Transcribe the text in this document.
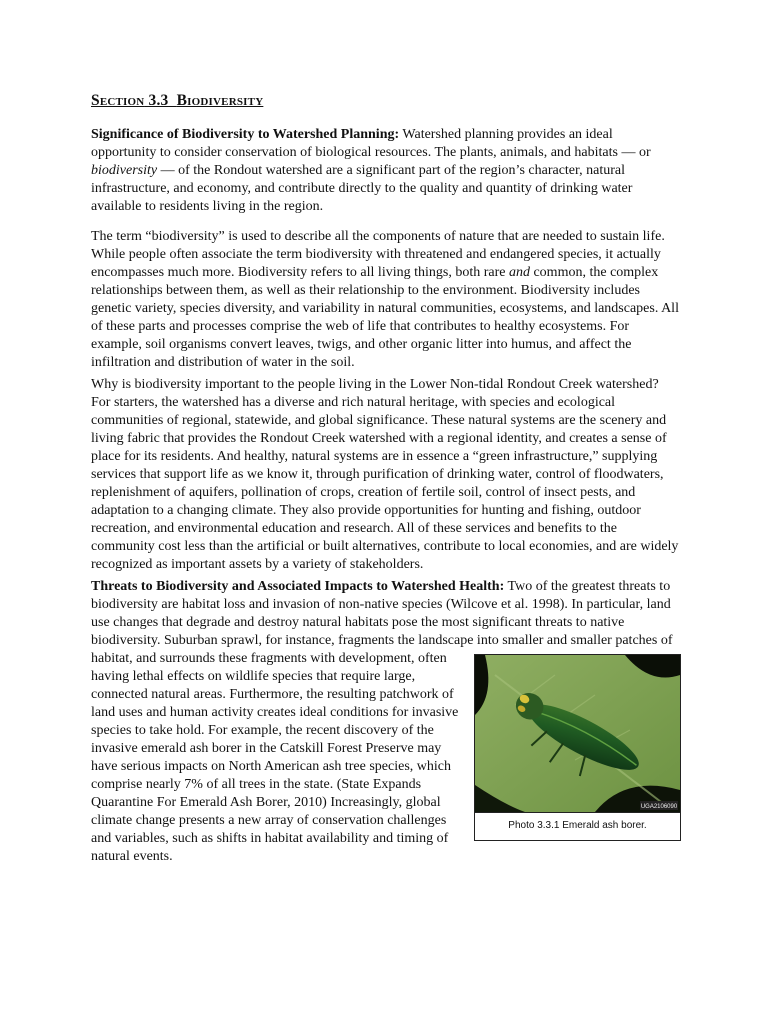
Section 3.3 Biodiversity

Significance of Biodiversity to Watershed Planning: Watershed planning provides an ideal opportunity to consider conservation of biological resources. The plants, animals, and habitats — or biodiversity — of the Rondout watershed are a significant part of the region’s character, natural infrastructure, and economy, and contribute directly to the quality and quantity of drinking water available to residents living in the region.

The term “biodiversity” is used to describe all the components of nature that are needed to sustain life. While people often associate the term biodiversity with threatened and endangered species, it actually encompasses much more. Biodiversity refers to all living things, both rare and common, the complex relationships between them, as well as their relationship to the environment. Biodiversity includes genetic variety, species diversity, and variability in natural communities, ecosystems, and landscapes. All of these parts and processes comprise the web of life that contributes to healthy ecosystems. For example, soil organisms convert leaves, twigs, and other organic litter into humus, and affect the infiltration and distribution of water in the soil.

Why is biodiversity important to the people living in the Lower Non-tidal Rondout Creek watershed? For starters, the watershed has a diverse and rich natural heritage, with species and ecological communities of regional, statewide, and global significance. These natural systems are the scenery and living fabric that provides the Rondout Creek watershed with a regional identity, and creates a sense of place for its residents. And healthy, natural systems are in essence a “green infrastructure,” supplying services that support life as we know it, through purification of drinking water, control of floodwaters, replenishment of aquifers, pollination of crops, creation of fertile soil, control of insect pests, and adaptation to a changing climate. They also provide opportunities for hunting and fishing, outdoor recreation, and environmental education and research. All of these services and benefits to the community cost less than the artificial or built alternatives, contribute to local economies, and are widely recognized as important assets by a variety of stakeholders.

Threats to Biodiversity and Associated Impacts to Watershed Health: Two of the greatest threats to biodiversity are habitat loss and invasion of non-native species (Wilcove et al. 1998). In particular, land use changes that degrade and destroy natural habitats pose the most significant threats to native biodiversity. Suburban sprawl, for instance, fragments the landscape into smaller and smaller patches of habitat, and surrounds these fragments with development, often
UGA2106090
Photo 3.3.1 Emerald ash borer.
having lethal effects on wildlife species that require large, connected natural areas. Furthermore, the resulting patchwork of land uses and human activity creates ideal conditions for invasive species to take hold. For example, the recent discovery of the invasive emerald ash borer in the Catskill Forest Preserve may have serious impacts on North American ash tree species, which comprise nearly 7% of all trees in the state. (State Expands Quarantine For Emerald Ash Borer, 2010) Increasingly, global climate change presents a new array of conservation challenges and variables, such as shifts in habitat availability and timing of natural events.
